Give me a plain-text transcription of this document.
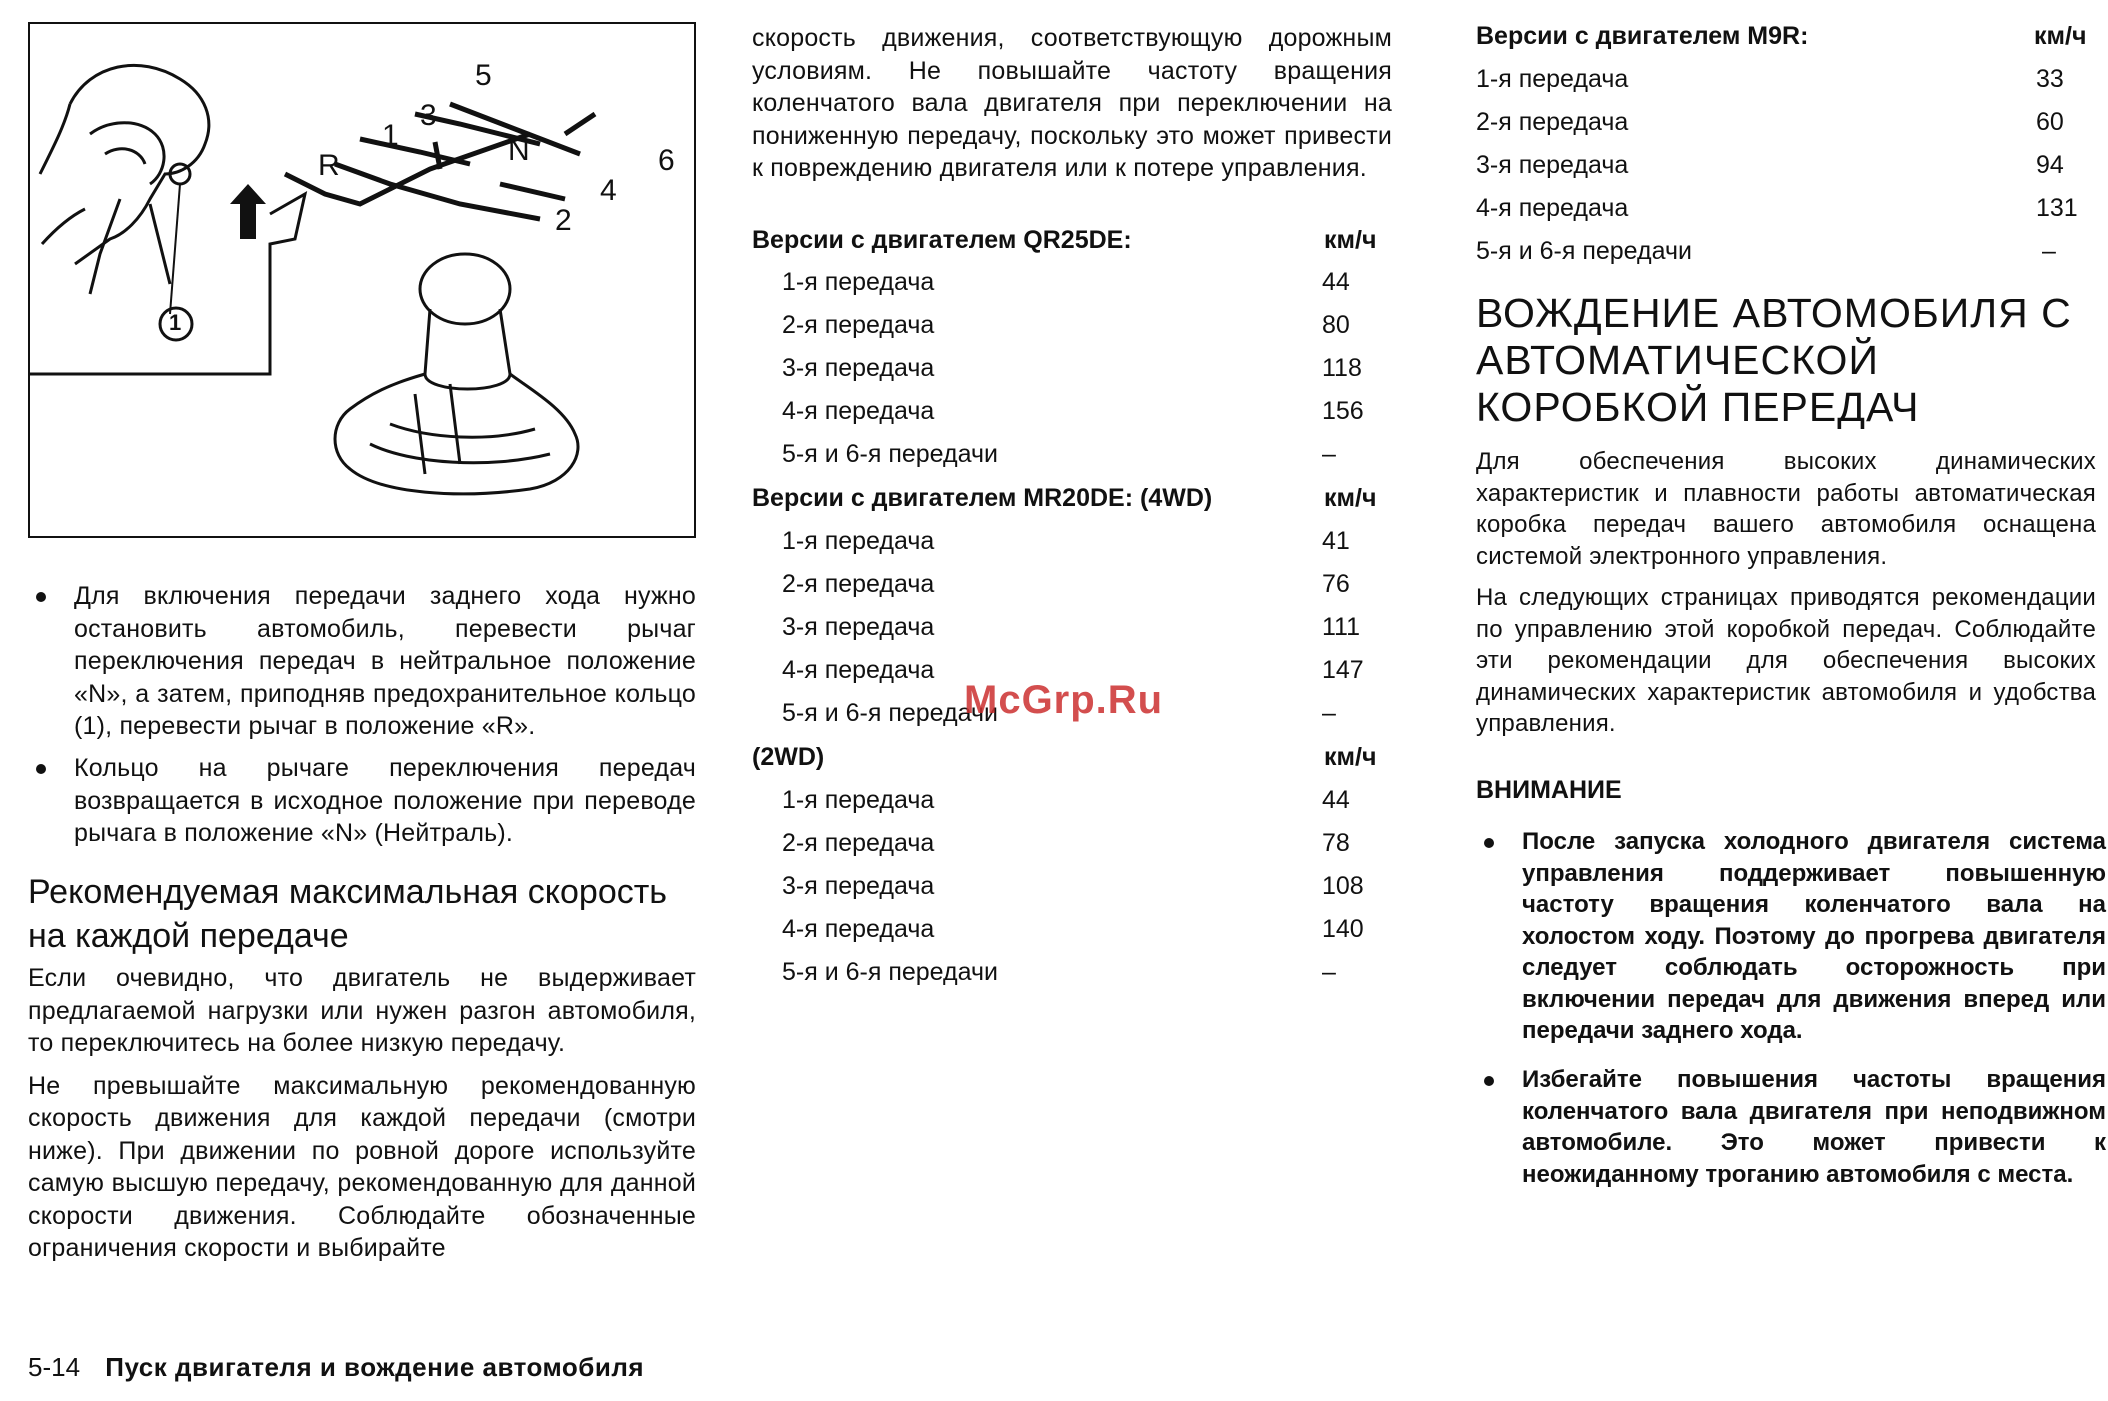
5
3
1
R	N	6
4
2
1
Для включения передачи заднего хода нужно остановить автомобиль, перевести рычаг переключения передач в нейтральное положение «N», а затем, приподняв предохранительное кольцо (1), перевести рычаг в положение «R».
Кольцо на рычаге переключения передач возвращается в исходное положение при переводе рычага в положение «N» (Нейтраль).
Рекомендуемая максимальная скорость на каждой передаче

Если очевидно, что двигатель не выдерживает предлагаемой нагрузки или нужен разгон автомобиля, то переключитесь на более низкую передачу.

Не превышайте максимальную рекомендованную скорость движения для каждой передачи (смотри ниже). При движении по ровной дороге используйте самую высшую передачу, рекомендованную для данной скорости движения. Соблюдайте обозначенные ограничения скорости и выбирайте

скорость движения, соответствующую дорожным условиям. Не повышайте частоту вращения коленчатого вала двигателя при переключении на пониженную передачу, поскольку это может привести к повреждению двигателя или к потере управления.
Версии с двигателем QR25DE:	км/ч
1-я передача	44
2-я передача	80
3-я передача	118
4-я передача	156
5-я и 6-я передачи	–
Версии с двигателем MR20DE: (4WD)	км/ч
1-я передача	41
2-я передача	76
3-я передача	111
4-я передача	147
5-я и 6-я передачи	–
(2WD)	км/ч
1-я передача	44
2-я передача	78
3-я передача	108
4-я передача	140
5-я и 6-я передачи	–
Версии с двигателем M9R:	км/ч
1-я передача	33
2-я передача	60
3-я передача	94
4-я передача	131
5-я и 6-я передачи	–
ВОЖДЕНИЕ АВТОМОБИЛЯ С АВТОМАТИЧЕСКОЙ КОРОБКОЙ ПЕРЕДАЧ

Для обеспечения высоких динамических характеристик и плавности работы автоматическая коробка передач вашего автомобиля оснащена системой электронного управления.

На следующих страницах приводятся рекомендации по управлению этой коробкой передач. Соблюдайте эти рекомендации для обеспечения высоких динамических характеристик автомобиля и удобства управления.

ВНИМАНИЕ
После запуска холодного двигателя система управления поддерживает повышенную частоту вращения коленчатого вала на холостом ходу. Поэтому до прогрева двигателя следует соблюдать осторожность при включении передач для движения вперед или передачи заднего хода.
Избегайте повышения частоты вращения коленчатого вала двигателя при неподвижном автомобиле. Это может привести к неожиданному троганию автомобиля с места.
McGrp.Ru
5-14 Пуск двигателя и вождение автомобиля
